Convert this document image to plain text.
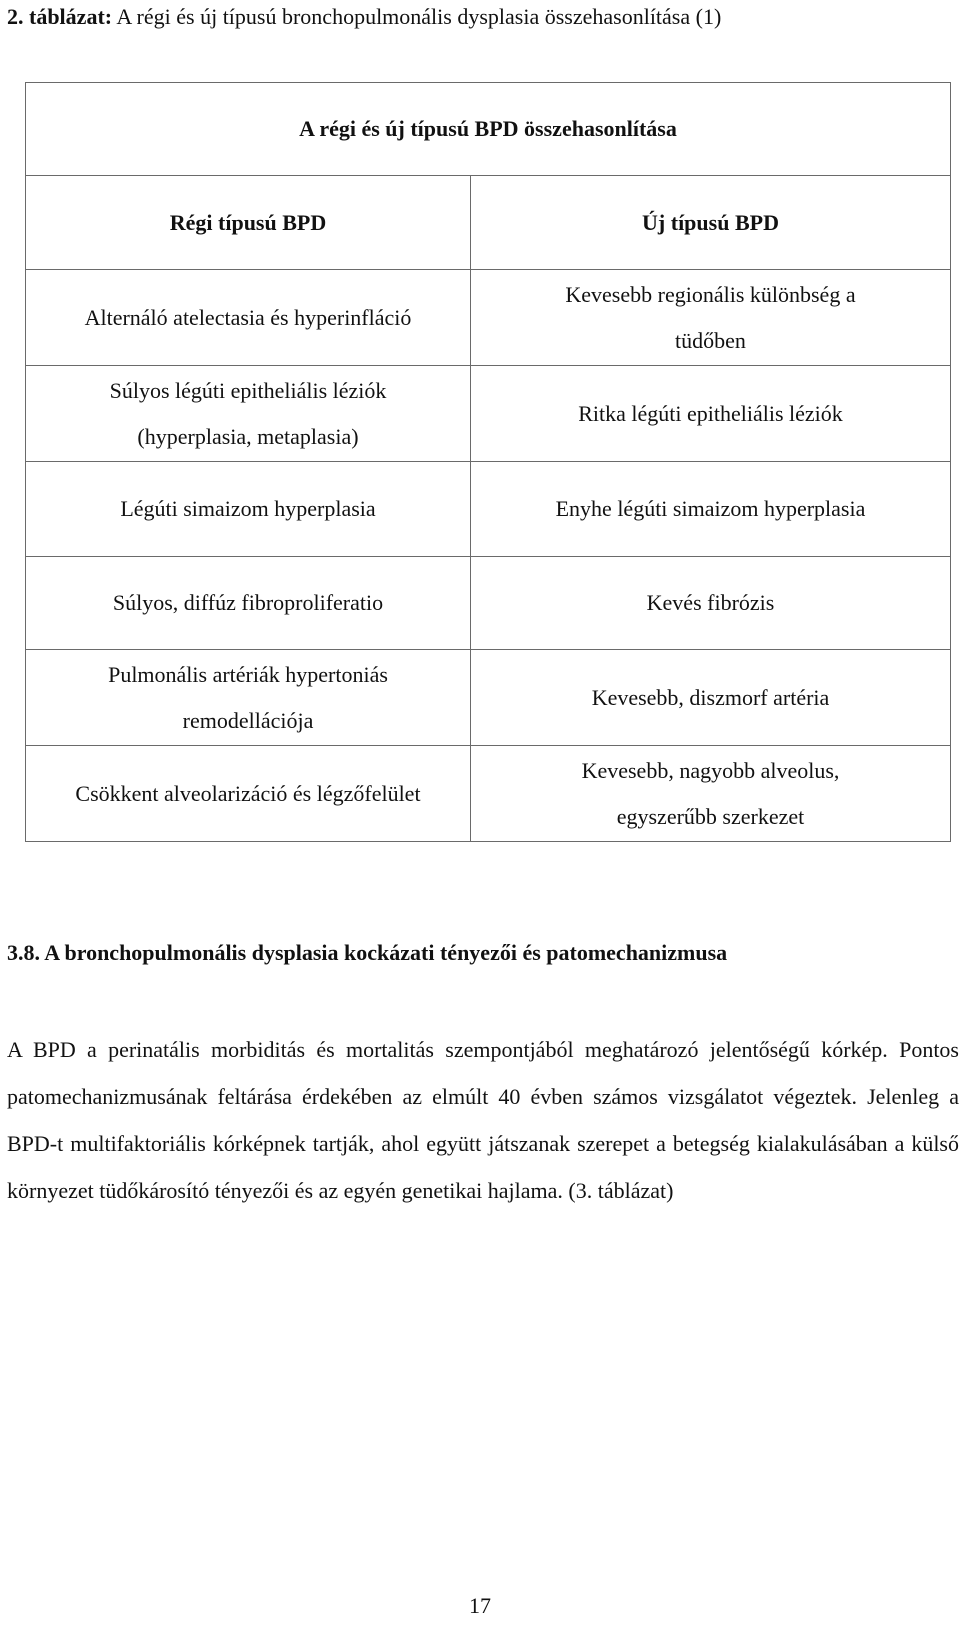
2. táblázat: A régi és új típusú bronchopulmonális dysplasia összehasonlítása (1)
A régi és új típusú BPD összehasonlítása	
Régi típusú BPD	Új típusú BPD
Alternáló atelectasia és hyperinfláció	Kevesebb regionális különbség a tüdőben
Súlyos légúti epitheliális léziók (hyperplasia, metaplasia)	Ritka légúti epitheliális léziók
Légúti simaizom hyperplasia	Enyhe légúti simaizom hyperplasia
Súlyos, diffúz fibroproliferatio	Kevés fibrózis
Pulmonális artériák hypertoniás remodellációja	Kevesebb, diszmorf artéria
Csökkent alveolarizáció és légzőfelület	Kevesebb, nagyobb alveolus, egyszerűbb szerkezet
3.8. A bronchopulmonális dysplasia kockázati tényezői és patomechanizmusa
A BPD a perinatális morbiditás és mortalitás szempontjából meghatározó jelentőségű kórkép. Pontos patomechanizmusának feltárása érdekében az elmúlt 40 évben számos vizsgálatot végeztek. Jelenleg a BPD-t multifaktoriális kórképnek tartják, ahol együtt játszanak szerepet a betegség kialakulásában a külső környezet tüdőkárosító tényezői és az egyén genetikai hajlama. (3. táblázat)
17
